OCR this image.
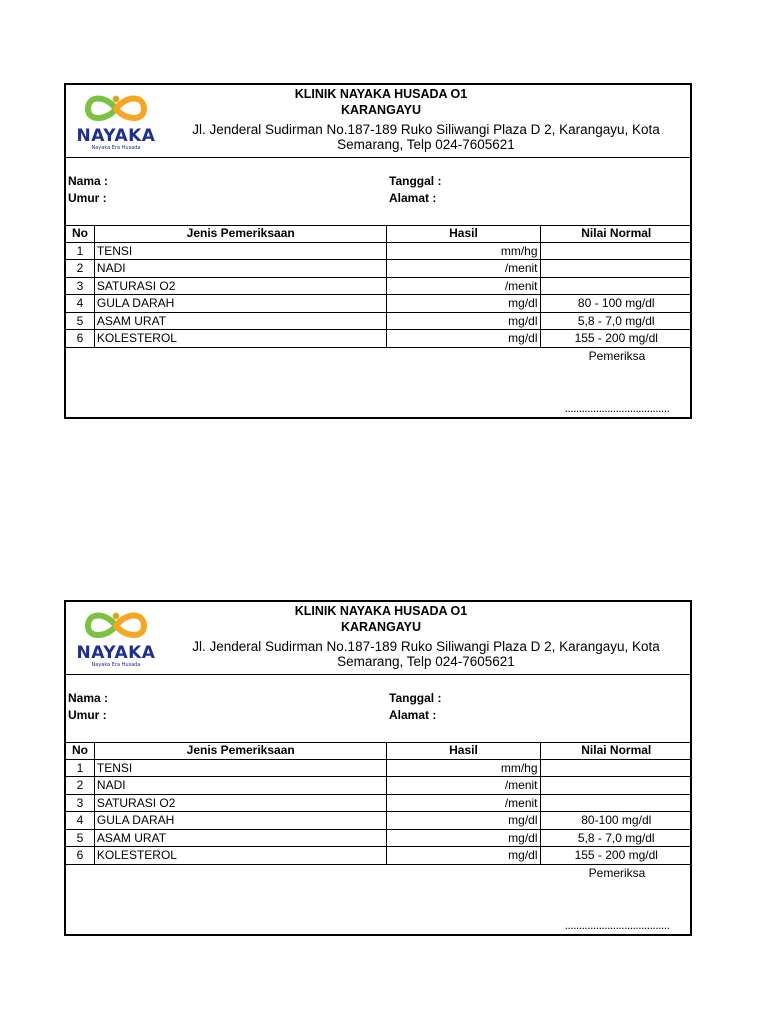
NAYAKA
Nayaka Era Husada
KLINIK NAYAKA HUSADA O1
KARANGAYU
Jl. Jenderal Sudirman No.187-189 Ruko Siliwangi Plaza D 2, Karangayu, Kota
Semarang, Telp 024-7605621
Nama :
Umur :
Tanggal :
Alamat :
No	Jenis Pemeriksaan	Hasil	Nilai Normal
1	TENSI	mm/hg	
2	NADI	/menit	
3	SATURASI O2	/menit	
4	GULA DARAH	mg/dl	80 - 100 mg/dl
5	ASAM URAT	mg/dl	5,8 - 7,0 mg/dl
6	KOLESTEROL	mg/dl	155 - 200 mg/dl
Pemeriksa
.....................................
NAYAKA
Nayaka Era Husada
KLINIK NAYAKA HUSADA O1
KARANGAYU
Jl. Jenderal Sudirman No.187-189 Ruko Siliwangi Plaza D 2, Karangayu, Kota
Semarang, Telp 024-7605621
Nama :
Umur :
Tanggal :
Alamat :
No	Jenis Pemeriksaan	Hasil	Nilai Normal
1	TENSI	mm/hg	
2	NADI	/menit	
3	SATURASI O2	/menit	
4	GULA DARAH	mg/dl	80-100 mg/dl
5	ASAM URAT	mg/dl	5,8 - 7,0 mg/dl
6	KOLESTEROL	mg/dl	155 - 200 mg/dl
Pemeriksa
.....................................
